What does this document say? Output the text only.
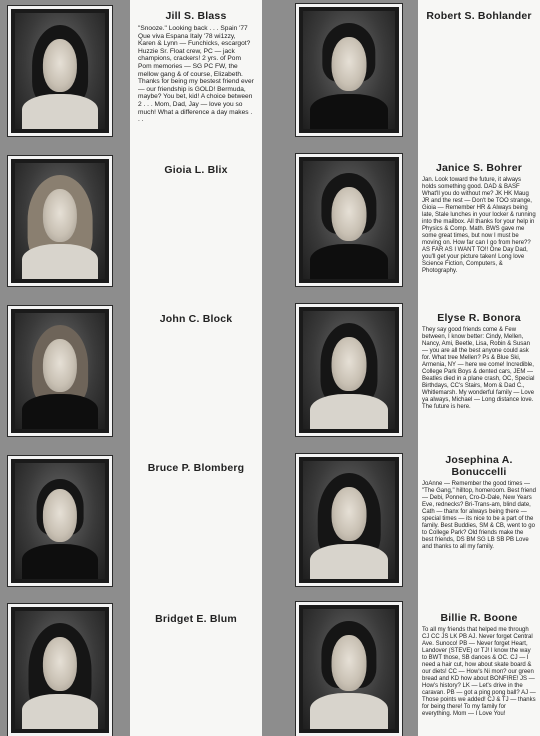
Jill S. Blass
"Snooze." Looking back . . . Spain '77 Que viva Espana Italy '78 wi1zzy, Karen & Lynn — Funchicks, escargot? Huzzie Sr. Float crew, PC — jack champions, crackers! 2 yrs. of Pom Pom memories — SG PC FW, the mellow gang & of course, Elizabeth. Thanks for being my bestest friend ever — our friendship is GOLD! Bermuda, maybe? You bet, kid! A choice between 2 . . . Mom, Dad, Jay — love you so much! What a difference a day makes . . .
Gioia L. Blix
John C. Block
Bruce P. Blomberg
Bridget E. Blum
Robert S. Bohlander
Janice S. Bohrer
Jan. Look toward the future, it always holds something good. DAD & BASF What'll you do without me? JK HK Maug JR and the rest — Don't be TOO strange, Gioia — Remember HR & Always being late, Stale lunches in your locker & running into the mailbox. All thanks for your help in Physics & Comp. Math. BWS gave me some great times, but now I must be moving on. How far can I go from here?? AS FAR AS I WANT TO!! One Day Dad, you'll get your picture taken! Long love Science Fiction, Computers, & Photography.
Elyse R. Bonora
They say good friends come & Few between, I know better: Cindy, Mellen, Nancy, Ami, Beetle, Lisa, Robin & Susan — you are all the best anyone could ask for. What tree Mellen? Ps & Blue Ski, Armenia, NY — here we come! Incredible, College Park Boys & dented cars, JEM — Beatles died in a plane crash, OC, Special Birthdays, CC's Stairs, Mom & Dad C., Whitlemarsh. My wonderful family — Love ya always, Michael — Long distance love. The future is here.
Josephina A. Bonuccelli
JoAnne — Remember the good times — "The Gang," hilltop, homeroom. Best friend — Debi, Ponnen, Cro-D-Dale, New Years Eve, rednecks? Bri-Trans-am, blind date, Cath — thanx for always being there — special times — its nice to be a part of the family. Best Buddies, SM & CB, went to go to College Park? Old friends make the best friends, DS BM SG LB SB PB Love and thanks to all my family.
Billie R. Boone
To all my friends that helped me through CJ CC JS LK PB AJ. Never forget Central Ave. Sunoco! PB — Never forget Heart, Landover (STEVE) or TJ! I know the way to BWT those, SB dances & OC. CJ — I need a hair cut, how about skate board & our diets! CC — How's Ni mon? our green bread and KD how about BONFIRE! JS — How's history? LK — Let's drive in the caravan. PB — got a ping pong ball? AJ — Those points we added! CJ & TJ — thanks for being there! To my family for everything. Mom — I Love You!
